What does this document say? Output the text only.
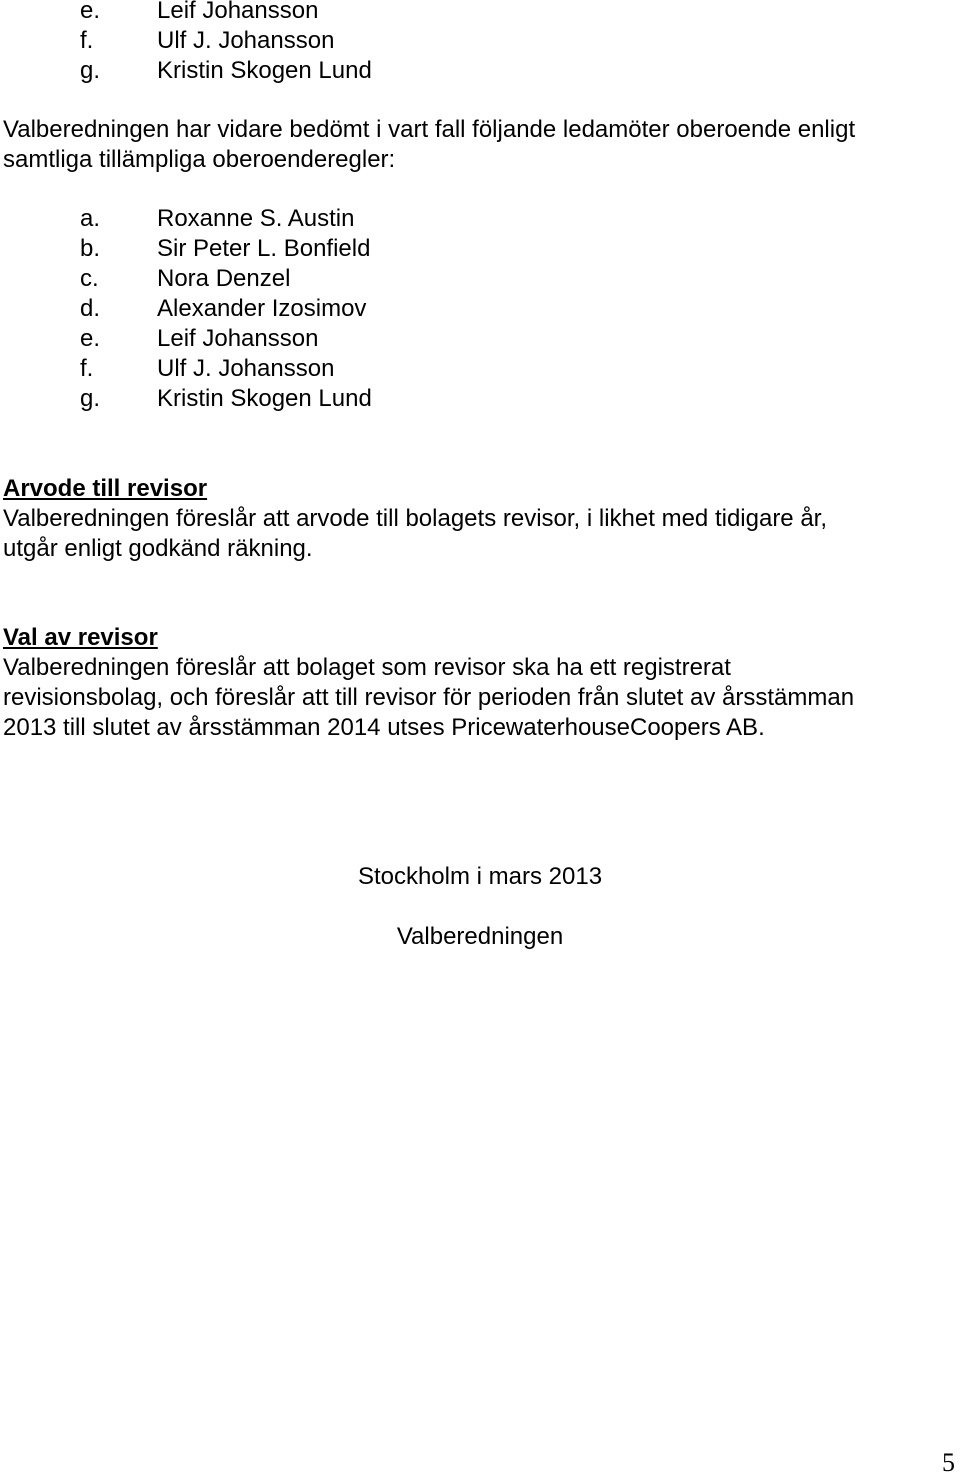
e. Leif Johansson
f.	Ulf J. Johansson
g. Kristin Skogen Lund
Valberedningen har vidare bedömt i vart fall följande ledamöter oberoende enligt
samtliga tillämpliga oberoenderegler:
a. Roxanne S. Austin
b. Sir Peter L. Bonfield
c. Nora Denzel
d. Alexander Izosimov
e. Leif Johansson
f.	Ulf J. Johansson
g. Kristin Skogen Lund
Arvode till revisor
Valberedningen föreslår att arvode till bolagets revisor, i likhet med tidigare år,
utgår enligt godkänd räkning.
Val av revisor
Valberedningen föreslår att bolaget som revisor ska ha ett registrerat
revisionsbolag, och föreslår att till revisor för perioden från slutet av årsstämman
2013 till slutet av årsstämman 2014 utses PricewaterhouseCoopers AB.
Stockholm i mars 2013
Valberedningen
5
